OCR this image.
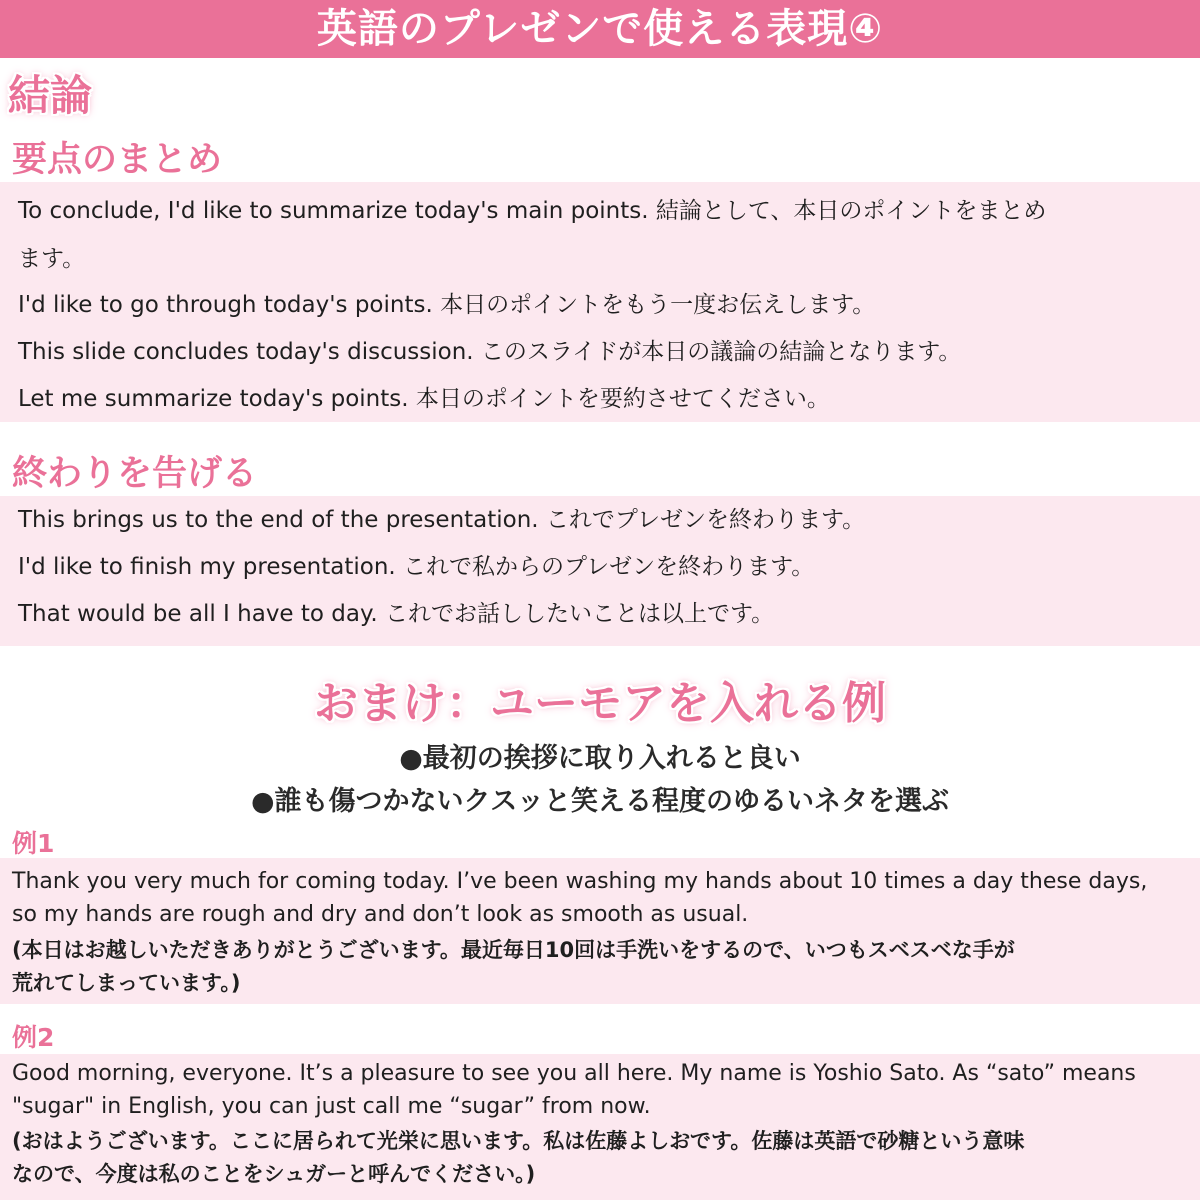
英語のプレゼンで使える表現④
結論
要点のまとめ
To conclude, I'd like to summarize today's main points. 結論として、本日のポイントをまとめ
ます。
I'd like to go through today's points. 本日のポイントをもう一度お伝えします。
This slide concludes today's discussion. このスライドが本日の議論の結論となります。
Let me summarize today's points. 本日のポイントを要約させてください。
終わりを告げる
This brings us to the end of the presentation. これでプレゼンを終わります。
I'd like to finish my presentation. これで私からのプレゼンを終わります。
That would be all I have to day. これでお話ししたいことは以上です。
おまけ：ユーモアを入れる例
●最初の挨拶に取り入れると良い
●誰も傷つかないクスッと笑える程度のゆるいネタを選ぶ
例1
Thank you very much for coming today. I’ve been washing my hands about 10 times a day these days,
so my hands are rough and dry and don’t look as smooth as usual.
(本日はお越しいただきありがとうございます。最近毎日10回は手洗いをするので、いつもスベスベな手が
荒れてしまっています。)
例2
Good morning, everyone. It’s a pleasure to see you all here. My name is Yoshio Sato. As “sato” means
"sugar" in English, you can just call me “sugar” from now.
(おはようございます。ここに居られて光栄に思います。私は佐藤よしおです。佐藤は英語で砂糖という意味
なので、今度は私のことをシュガーと呼んでください。)
